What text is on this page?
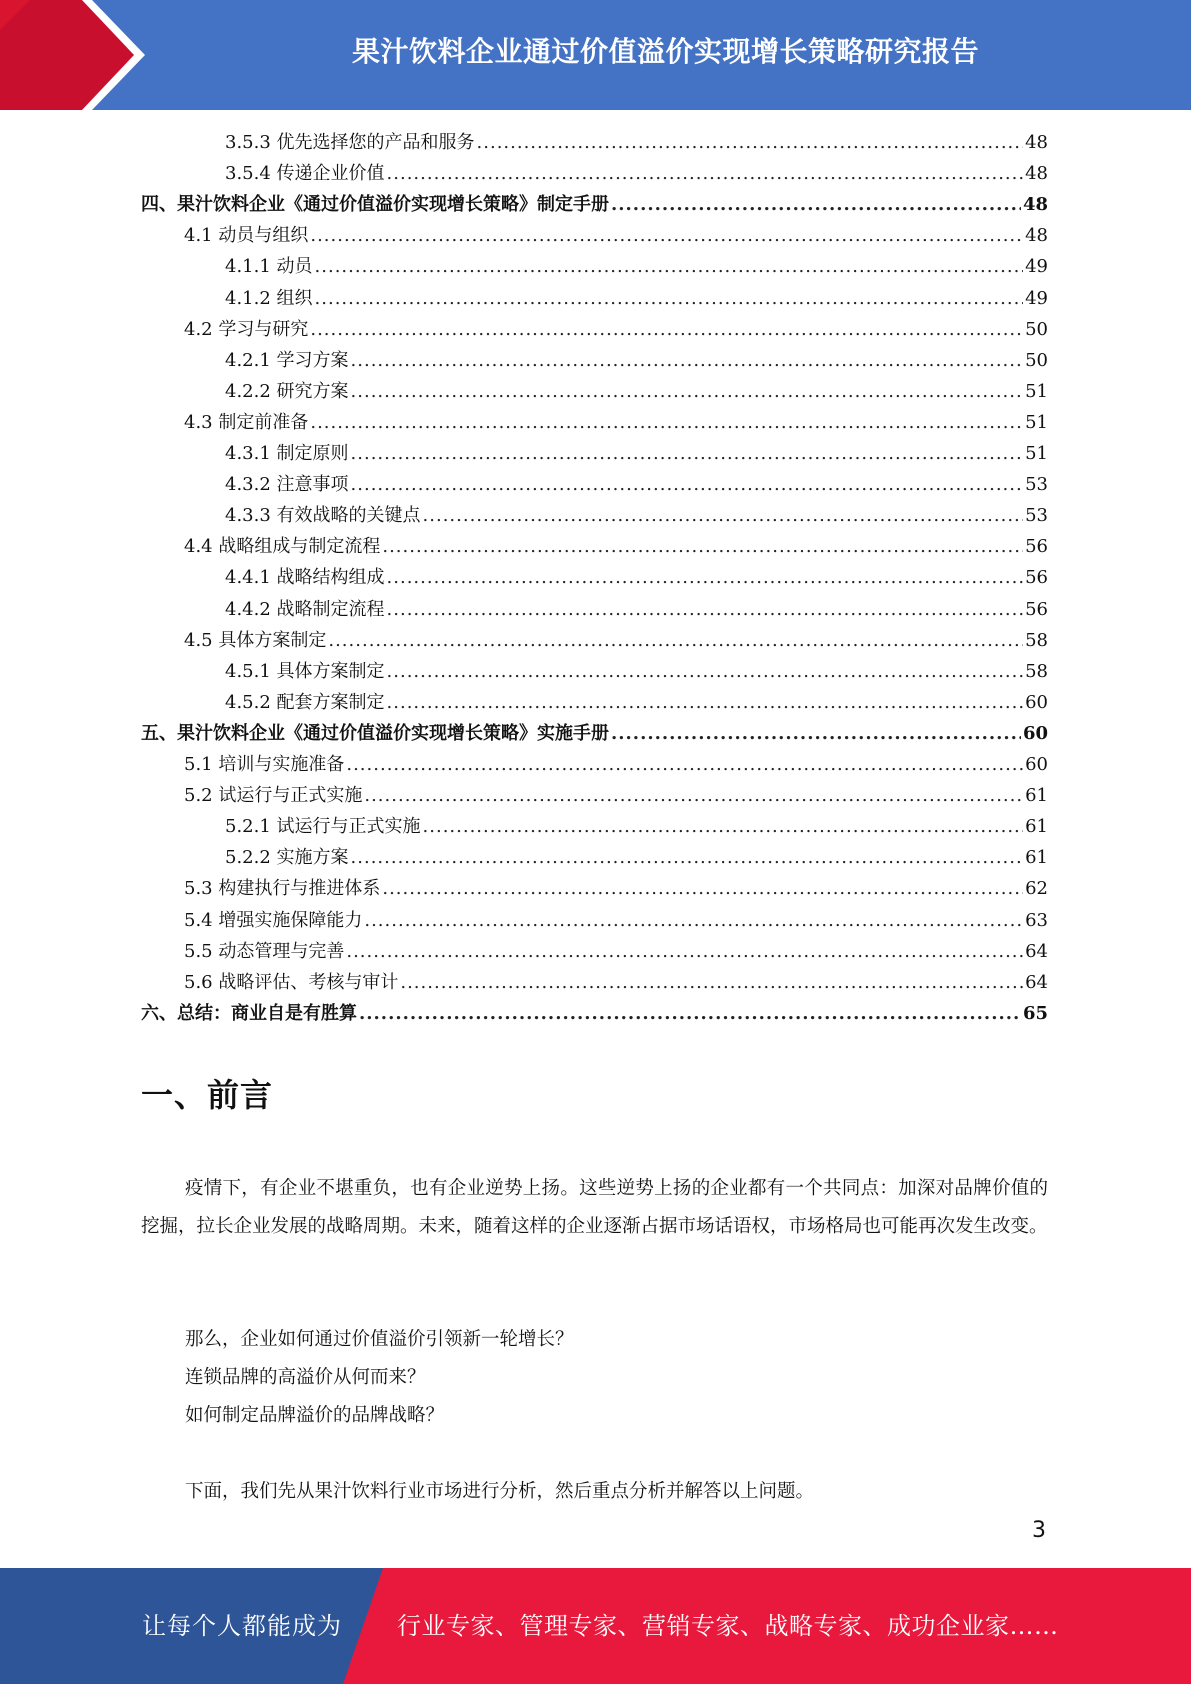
果汁饮料企业通过价值溢价实现增长策略研究报告
3.5.3 优先选择您的产品和服务 .....	48
3.5.4 传递企业价值 .....	48
四、果汁饮料企业《通过价值溢价实现增长策略》制定手册 .....	48
4.1 动员与组织 .....	48
4.1.1 动员 .....	49
4.1.2 组织 .....	49
4.2 学习与研究 .....	50
4.2.1 学习方案 .....	50
4.2.2 研究方案 .....	51
4.3 制定前准备 .....	51
4.3.1 制定原则 .....	51
4.3.2 注意事项 .....	53
4.3.3 有效战略的关键点 .....	53
4.4 战略组成与制定流程 .....	56
4.4.1 战略结构组成 .....	56
4.4.2 战略制定流程 .....	56
4.5 具体方案制定 .....	58
4.5.1 具体方案制定 .....	58
4.5.2 配套方案制定 .....	60
五、果汁饮料企业《通过价值溢价实现增长策略》实施手册 .....	60
5.1 培训与实施准备 .....	60
5.2 试运行与正式实施 .....	61
5.2.1 试运行与正式实施 .....	61
5.2.2 实施方案 .....	61
5.3 构建执行与推进体系 .....	62
5.4 增强实施保障能力 .....	63
5.5 动态管理与完善 .....	64
5.6 战略评估、考核与审计 .....	64
六、总结：商业自是有胜算 .....	65
一、前言

疫情下，有企业不堪重负，也有企业逆势上扬。这些逆势上扬的企业都有一个共同点：加深对品牌价值的挖掘，拉长企业发展的战略周期。未来，随着这样的企业逐渐占据市场话语权，市场格局也可能再次发生改变。

那么，企业如何通过价值溢价引领新一轮增长？

连锁品牌的高溢价从何而来？

如何制定品牌溢价的品牌战略？

下面，我们先从果汁饮料行业市场进行分析，然后重点分析并解答以上问题。

3
让每个人都能成为 行业专家、管理专家、营销专家、战略专家、成功企业家……
